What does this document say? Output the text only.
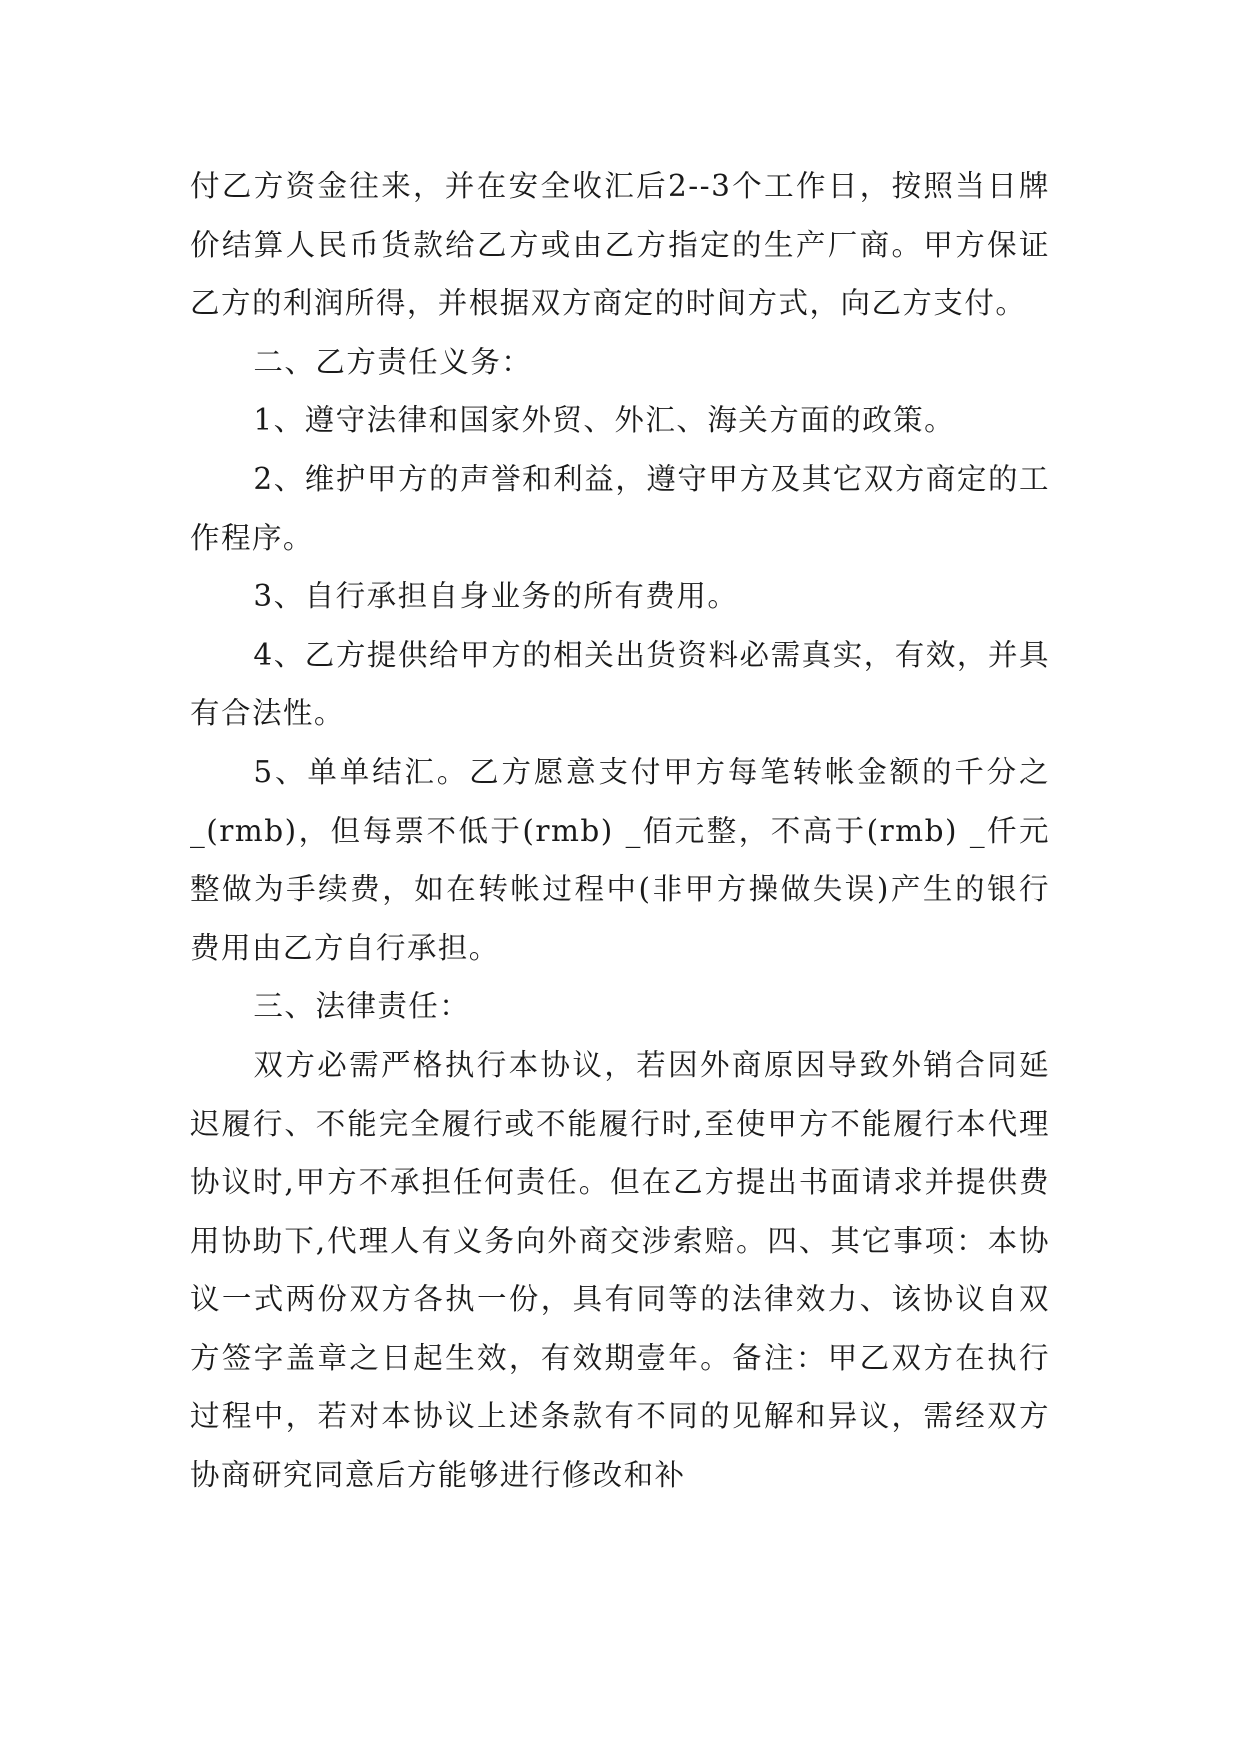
付乙方资金往来，并在安全收汇后2--3个工作日，按照当日牌价结算人民币货款给乙方或由乙方指定的生产厂商。甲方保证乙方的利润所得，并根据双方商定的时间方式，向乙方支付。

二、乙方责任义务：

1、遵守法律和国家外贸、外汇、海关方面的政策。

2、维护甲方的声誉和利益，遵守甲方及其它双方商定的工作程序。

3、自行承担自身业务的所有费用。

4、乙方提供给甲方的相关出货资料必需真实，有效，并具有合法性。

5、单单结汇。乙方愿意支付甲方每笔转帐金额的千分之_(rmb)，但每票不低于(rmb) _佰元整，不高于(rmb) _仟元整做为手续费，如在转帐过程中(非甲方操做失误)产生的银行费用由乙方自行承担。

三、法律责任：

双方必需严格执行本协议，若因外商原因导致外销合同延迟履行、不能完全履行或不能履行时,至使甲方不能履行本代理协议时,甲方不承担任何责任。但在乙方提出书面请求并提供费用协助下,代理人有义务向外商交涉索赔。四、其它事项：本协议一式两份双方各执一份，具有同等的法律效力、该协议自双方签字盖章之日起生效，有效期壹年。备注：甲乙双方在执行过程中，若对本协议上述条款有不同的见解和异议，需经双方协商研究同意后方能够进行修改和补
